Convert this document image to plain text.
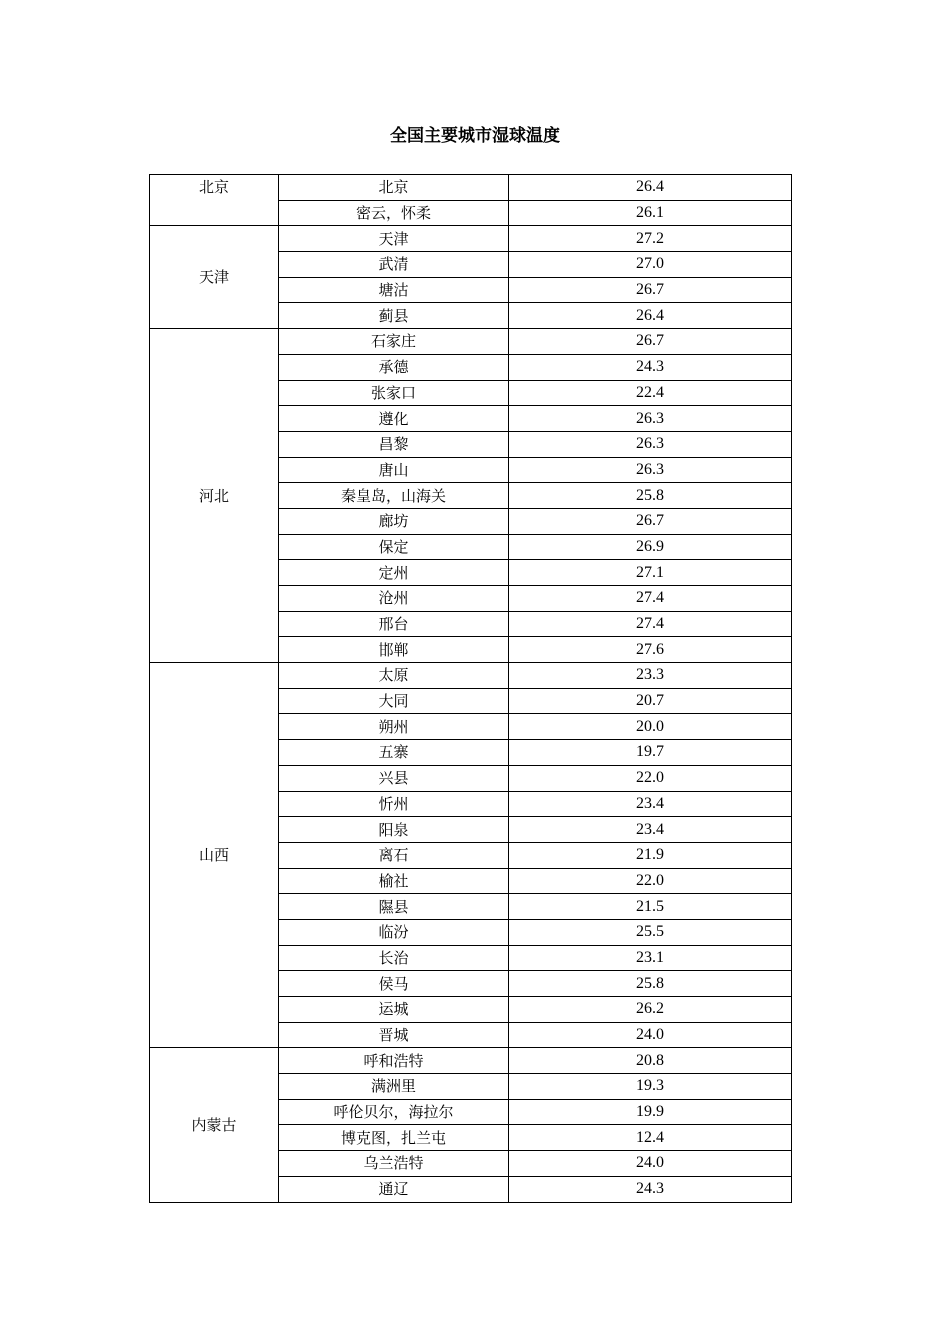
全国主要城市湿球温度
北京	北京	26.4
	密云，怀柔	26.1
天津	天津	27.2
	武清	27.0
	塘沽	26.7
	蓟县	26.4
河北	石家庄	26.7
	承德	24.3
	张家口	22.4
	遵化	26.3
	昌黎	26.3
	唐山	26.3
	秦皇岛，山海关	25.8
	廊坊	26.7
	保定	26.9
	定州	27.1
	沧州	27.4
	邢台	27.4
	邯郸	27.6
山西	太原	23.3
	大同	20.7
	朔州	20.0
	五寨	19.7
	兴县	22.0
	忻州	23.4
	阳泉	23.4
	离石	21.9
	榆社	22.0
	隰县	21.5
	临汾	25.5
	长治	23.1
	侯马	25.8
	运城	26.2
	晋城	24.0
内蒙古	呼和浩特	20.8
	满洲里	19.3
	呼伦贝尔，海拉尔	19.9
	博克图，扎兰屯	12.4
	乌兰浩特	24.0
	通辽	24.3
